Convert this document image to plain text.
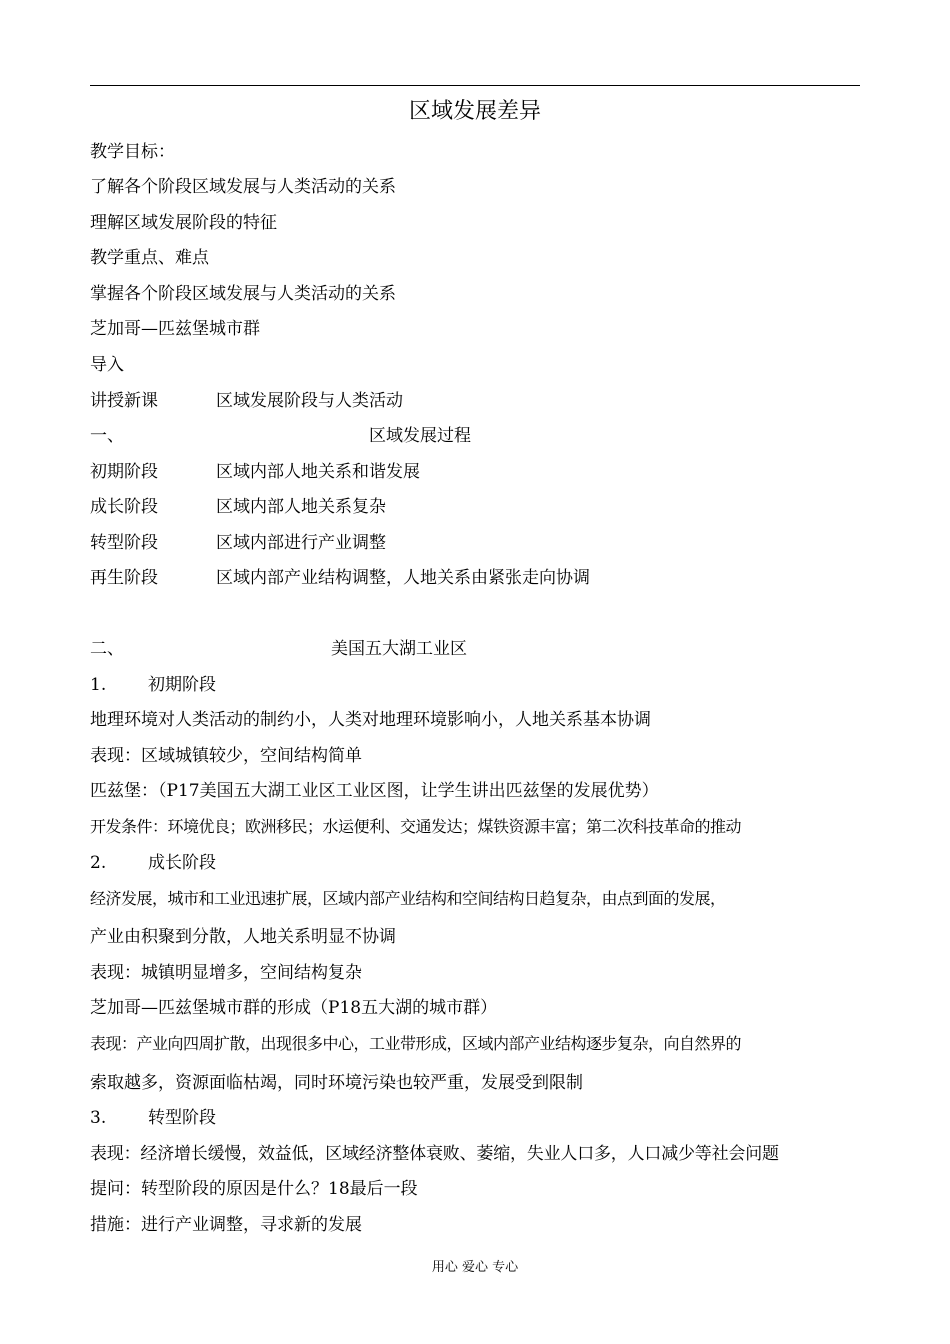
区域发展差异
教学目标：
了解各个阶段区域发展与人类活动的关系
理解区域发展阶段的特征
教学重点、难点
掌握各个阶段区域发展与人类活动的关系
芝加哥—匹兹堡城市群
导入
讲授新课	区域发展阶段与人类活动
一、	区域发展过程
初期阶段	区域内部人地关系和谐发展
成长阶段	区域内部人地关系复杂
转型阶段	区域内部进行产业调整
再生阶段	区域内部产业结构调整，人地关系由紧张走向协调
二、	美国五大湖工业区
1. 初期阶段
地理环境对人类活动的制约小，人类对地理环境影响小，人地关系基本协调
表现：区域城镇较少，空间结构简单
匹兹堡：（P17美国五大湖工业区工业区图，让学生讲出匹兹堡的发展优势）
开发条件：环境优良；欧洲移民；水运便利、交通发达；煤铁资源丰富；第二次科技革命的推动
2. 成长阶段
经济发展，城市和工业迅速扩展，区域内部产业结构和空间结构日趋复杂，由点到面的发展，
产业由积聚到分散，人地关系明显不协调
表现：城镇明显增多，空间结构复杂
芝加哥—匹兹堡城市群的形成（P18五大湖的城市群）
表现：产业向四周扩散，出现很多中心，工业带形成，区域内部产业结构逐步复杂，向自然界的
索取越多，资源面临枯竭，同时环境污染也较严重，发展受到限制
3. 转型阶段
表现：经济增长缓慢，效益低，区域经济整体衰败、萎缩，失业人口多，人口减少等社会问题
提问：转型阶段的原因是什么？18最后一段
措施：进行产业调整，寻求新的发展
用心 爱心 专心
